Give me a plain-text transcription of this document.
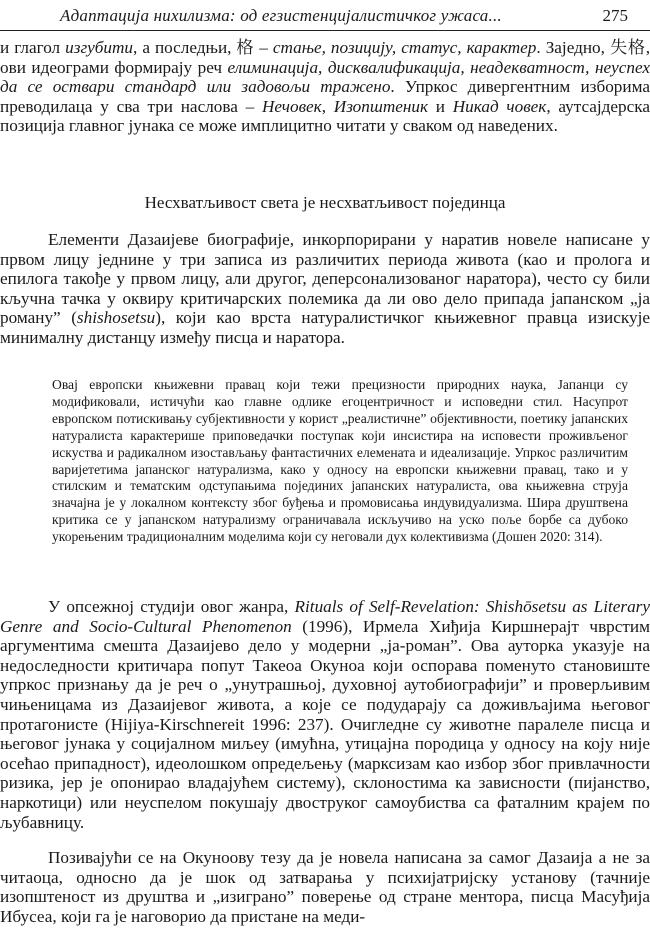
Адаптација нихилизма: од егзистенцијалистичког ужаса...	275

и глагол изгубити, а последњи, 格 – стање, позицију, статус, карактер. Заједно, 失格, ови идеограми формирају реч елиминација, дисквалификација, неадекватност, неуспех да се оствари стандард или задовољи тражено. Упркос дивергентним изборима преводилаца у сва три наслова – Нечовек, Изопштеник и Никад човек, аутсајдерска позиција главног јунака се може имплицитно читати у сваком од наведених.

Несхватљивост света је несхватљивост појединца

Елементи Дазаијеве биографије, инкорпорирани у наратив новеле написане у првом лицу једнине у три записа из различитих периода живота (као и пролога и епилога такође у првом лицу, али другог, деперсонализованог наратора), често су били кључна тачка у оквиру критичарских полемика да ли ово дело припада јапанском „ја роману” (shishosetsu), који као врста натуралистичког књижевног правца изискује минималну дистанцу између писца и наратора.

Овај европски књижевни правац који тежи прецизности природних наука, Јапанци су модификовали, истичући као главне одлике егоцентричност и исповедни стил. Насупрот европском потискивању субјективности у корист „реалистичне” објективности, поетику јапанских натуралиста карактерише приповедачки поступак који инсистира на исповести проживљеног искуства и радикалном изостављању фантастичних елемената и идеализације. Упркос различитим варијететима јапанског натурализма, како у односу на европски књижевни правац, тако и у стилским и тематским одступањима појединих јапанских натуралиста, ова књижевна струја значајна је у локалном контексту због буђења и промовисања индувидуализма. Шира друштвена критика се у јапанском натурализму ограничавала искључиво на уско поље борбе са дубоко укорењеним традиционалним моделима који су неговали дух колективизма (Дошен 2020: 314).

У опсежној студији овог жанра, Rituals of Self-Revelation: Shishōsetsu as Literary Genre and Socio-Cultural Phenomenon (1996), Ирмела Хиђија Киршнерајт чврстим аргументима смешта Дазаијево дело у модерни „ја-роман”. Ова ауторка указује на недоследности критичара попут Такеоа Окуноа који оспорава поменуто становиште упркос признању да је реч о „унутрашњој, духовној аутобиографији” и проверљивим чињеницама из Дазаијевог живота, а које се подударају са доживљајима његовог протагонисте (Hijiya-Kirschnereit 1996: 237). Очигледне су животне паралеле писца и његовог јунака у социјалном миљеу (имућна, утицајна породица у односу на коју није осећао припадност), идеолошком опредељењу (марксизам као избор због привлачности ризика, јер је опонирао владајућем систему), склоностима ка зависности (пијанство, наркотици) или неуспелом покушају двоструког самоубиства са фаталним крајем по љубавницу.

Позивајући се на Окуноову тезу да је новела написана за самог Дазаија а не за читаоца, односно да је шок од затварања у психијатријску установу (тачније изопштеност из друштва и „изиграно” поверење од стране ментора, писца Масуђија Ибусеа, који га је наговорио да пристане на меди-
